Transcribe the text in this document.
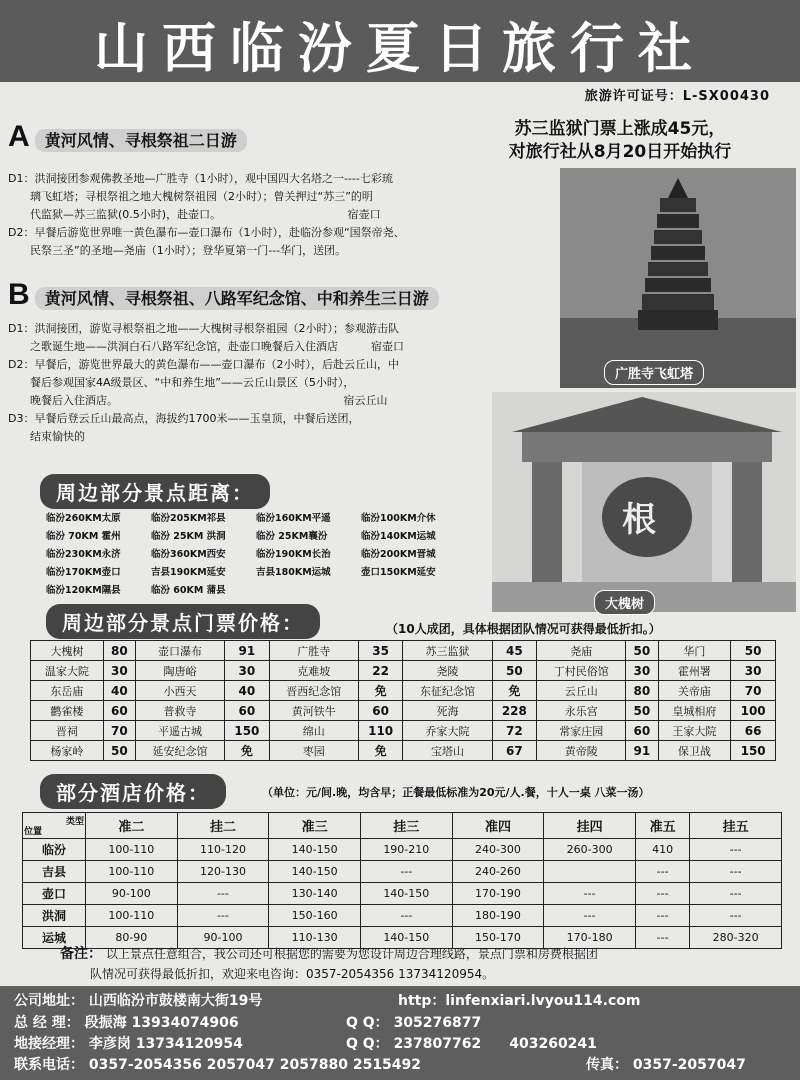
山西临汾夏日旅行社
旅游许可证号：L-SX00430
苏三监狱门票上涨成45元，
对旅行社从8月20日开始执行
A 黄河风情、寻根祭祖二日游
D1：洪洞接团参观佛教圣地—广胜寺（1小时），观中国四大名塔之一----七彩琉
　　璃飞虹塔；寻根祭祖之地大槐树祭祖园（2小时）；曾关押过“苏三”的明
　　代监狱—苏三监狱(0.5小时)，赴壶口。　　　　　　　　　　　　宿壶口
D2：早餐后游览世界唯一黄色瀑布—壶口瀑布（1小时），赴临汾参观“国祭帝尧、
　　民祭三圣”的圣地—尧庙（1小时）；登华夏第一门---华门，送团。
B 黄河风情、寻根祭祖、八路军纪念馆、中和养生三日游
D1：洪洞接团，游览寻根祭祖之地——大槐树寻根祭祖园（2小时）；参观游击队
　　之歌诞生地——洪洞白石八路军纪念馆，赴壶口晚餐后入住酒店　　　宿壶口
D2：早餐后，游览世界最大的黄色瀑布——壶口瀑布（2小时），后赴云丘山，中
　　餐后参观国家4A级景区、“中和养生地”——云丘山景区（5小时），
　　晚餐后入住酒店。　　　　　　　　　　　　　　　　　　　　　宿云丘山
D3：早餐后登云丘山最高点，海拔约1700米——玉皇顶，中餐后送团，
　　结束愉快的
广胜寺飞虹塔
根
大槐树
周边部分景点距离：
临汾260KM太原	临汾205KM祁县	临汾160KM平遥	临汾100KM介休
临汾 70KM 霍州	临汾 25KM 洪洞	临汾 25KM襄汾	临汾140KM运城
临汾230KM永济	临汾360KM西安	临汾190KM长治	临汾200KM晋城
临汾170KM壶口	吉县190KM延安	吉县180KM运城	壶口150KM延安
临汾120KM隰县	临汾 60KM 蒲县
周边部分景点门票价格：	（10人成团，具体根据团队情况可获得最低折扣。）
大槐树	80	壶口瀑布	91	广胜寺	35	苏三监狱	45	尧庙	50	华门	50
温家大院	30	陶唐峪	30	克难坡	22	尧陵	50	丁村民俗馆	30	霍州署	30
东岳庙	40	小西天	40	晋西纪念馆	免	东征纪念馆	免	云丘山	80	关帝庙	70
鹳雀楼	60	普救寺	60	黄河铁牛	60	死海	228	永乐宫	50	皇城相府	100
晋祠	70	平遥古城	150	绵山	110	乔家大院	72	常家庄园	60	王家大院	66
杨家岭	50	延安纪念馆	免	枣园	免	宝塔山	67	黄帝陵	91	保卫战	150
部分酒店价格：	（单位：元/间.晚，均含早；正餐最低标准为20元/人.餐，十人一桌 八菜一汤）
类型

位置	准二	挂二	准三	挂三	准四	挂四	准五	挂五
临汾	100-110	110-120	140-150	190-210	240-300	260-300	410	---
吉县	100-110	120-130	140-150	---	240-260		---	---
壶口	90-100	---	130-140	140-150	170-190	---	---	---
洪洞	100-110	---	150-160	---	180-190	---	---	---
运城	80-90	90-100	110-130	140-150	150-170	170-180	---	280-320
备注： 以上景点任意组合，我公司还可根据您的需要为您设计周边合理线路，景点门票和房费根据团
队情况可获得最低折扣，欢迎来电咨询：0357-2054356 13734120954。
公司地址： 山西临汾市鼓楼南大街19号	http：linfenxiari.lvyou114.com
总 经 理： 段振海 13934074906	Q Q： 305276877
地接经理： 李彦岗 13734120954	Q Q： 237807762　　403260241
联系电话： 0357-2054356 2057047 2057880 2515492	传真： 0357-2057047
